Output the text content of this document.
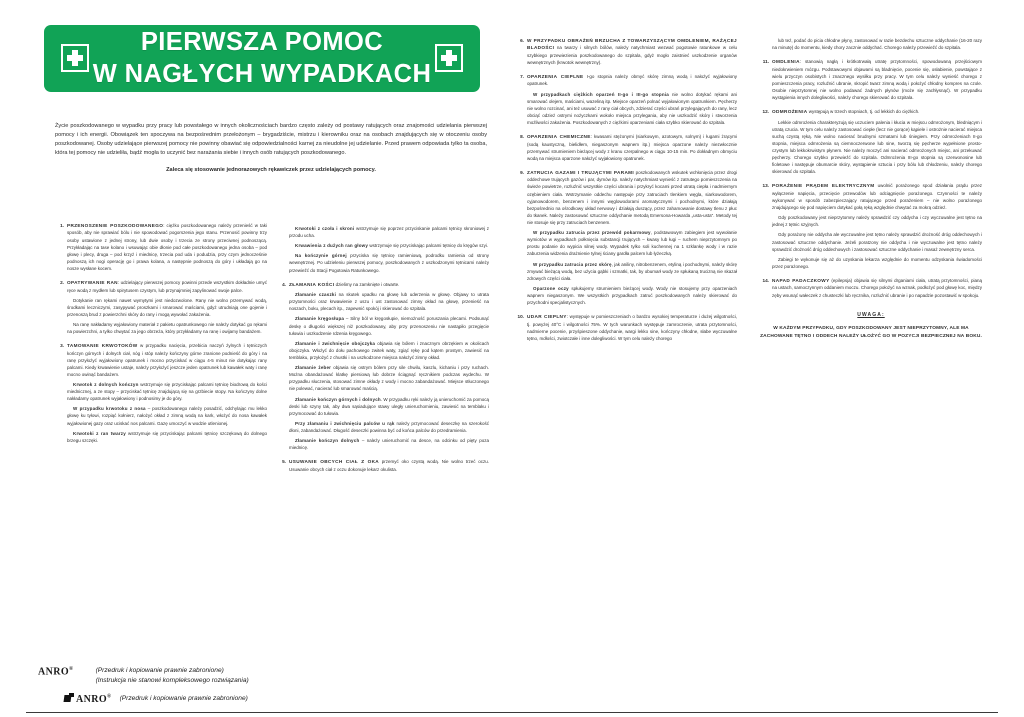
PIERWSZA POMOC
W NAGŁYCH WYPADKACH

Życie poszkodowanego w wypadku przy pracy lub powstałego w innych okolicznościach bardzo często zależy od postawy ratujących oraz znajomości udzielania pierwszej pomocy i ich energii. Obowiązek ten spoczywa na bezpośrednim przełożonym – brygadziście, mistrzu i kierowniku oraz na osobach znajdujących się w otoczeniu osoby poszkodowanej. Osoby udzielające pierwszej pomocy nie powinny obawiać się odpowiedzialności karnej za nieudolne jej udzielanie. Przed prawem odpowiada tylko ta osoba, która tej pomocy nie udzieliła, bądź mogła to uczynić bez narażania siebie i innych osób ratujących poszkodowanego.

Zaleca się stosowanie jednorazowych rękawiczek przez udzielających pomocy.

1. PRZENOSZENIE POSZKODOWANEGO: ciężko poszkodowanego należy przenieść w taki sposób, aby nie sprawiać bólu i nie spowodować pogorszenia jego stanu. Przenosić powinny trzy osoby ustawione z jednej strony, lub dwie osoby i trzecia ze strony przeciwnej podnoszącą. Przykładając na tase kolano i wsuwając obie dłonie pod całe poszkodowanego jedna osoba – pod głowę i plecy, druga – pod krzyż i miednicę, trzecia pod uda i podudzia, przy czym jednocześnie podnoszą ich nogi operację go i prawa kolana, a następnie podnoszą do góry i układają go na nosze wysłane kocem.

2. OPATRYWANIE RAN: udzielający pierwszej pomocy powinni przede wszystkim dokładnie umyć ręce wodą z mydłem lub spirytusem czystym, lub przynajmniej zapylinować swoje palce.

Dotykanie ran rękami nawet wymytymi jest niedozwolone. Rany nie wolno przemywać wodą, środkami leczniczymi, zasypywać proszkami i smarować maściami, gdyż utrudniają one gojenie i przenoszą brud z powierzchni skóry do rany i mogą wywołać zakażenia.

Na ranę nakładamy wyjałowiony materiał z pakietu opatrunkowego nie należy dotykać go rękami na powierzchni, a tylko chwytać za jego obrzeża, który przykładamy na ranę i owijamy bandażem.

3. TAMOWANIE KRWOTOKÓW w przypadku nacięcia, przebicia naczyń żylnych i tętniczych kończyn górnych i dolnych ciał, nóg i stóp należy kończyny górne zranione podnieść do góry i na ranę przyłożyć wyjałowiony opatrunek i mocno przyciskać w ciągu 4-5 minut nie dotykając rany palcami. Kiedy krwawienie ustaje, należy przyłożyć jeszcze jeden opatrunek lub kawałek waty i ranę mocno owinąć bandażem.

Krwotok z dolnych kończyn wstrzymuje się przyciskając palcami tętnicę biodrową do kości miednicznej, a ze stopy – przyciskać tętnicę znajdującą się na grzbiecie stopy. Na kończyny dolne nakładamy opatrunek wyjałowiony i podnosimy je do góry.

W przypadku krwotoku z nosa – poszkodowanego należy posadzić, odchylając mu lekko głowę ku tyłowi, rozpiąć kołnierz, nałożyć okład z zimną wodą na kark, włożyć do nosa kawałek wyjałowionej gazy oraz uciskać nos palcami. Gazę umoczyć w wodzie utlenionej.

Krwotoki z ran twarzy wstrzymuje się przyciskając palcami tętnicę szczękową do dolnego brzegu szczęki.

Krwotoki z czoła i skroni wstrzymuje się poprzez przyciskanie palcami tętnicy skroniowej z przodu ucha.

Krwawienia z dużych ran głowy wstrzymuje się przyciskając palcami tętnicę do kręgów szyi.

Na kończynie górnej przyciska się tętnicę ramieniową, podrodku ramienia od strony wewnętrznej. Po udzieleniu pierwszej pomocy, poszkodowanych z uszkodzonymi tętnicami należy przewieźć do Stacji Pogotowia Ratunkowego.

4. ZŁAMANIA KOŚCI dzielimy na zamknięte i otwarte.

Złamanie czaszki na skutek upadku na głowę lub uderzenia w głowę. Objawy to utrata przytomności oraz krwawienie z uszu i ust zastosować zimny okład na głowę, przenieść na noszach, boku, plecach itp., zapewnić spokój i skierować do szpitala.

Złamanie kręgosłupa – Silny ból w kręgosłupie, niemożność poruszania plecami. Podsunąć deskę o długości większej niż poszkodowany, aby przy przenoszeniu nie nastąpiło przegięcie tułowia i uszkodzenie rdzenia kręgowego.

Złamanie i zwichnięcie obojczyka objawia się bólem i znacznym obrzękiem w okolicach obojczyka. Włożyć do dołu pachowego zwitek waty, zgiąć rękę pod kątem prostym, zawiesić na temblaku, przyłożyć z chustki i na uszkodzone miejsca nałożyć zimny okład.

Złamanie żeber objawia się ostrym bólem przy sile chwilu, kaszlu, kichaniu i przy ruchach. Można obandażować klatkę piersiową lub dobrze ściągnąć ręcznikiem podczas wydechu. W przypadku słuczenia, stosować zimne okłady z wody i mocno zabandażować. Miejsce stłuczonego nie polewać, nacierać lub smarować maścią.

Złamanie kończyn górnych i dolnych. W przypadku ręki należy ją unieruchomić za pomocą deski lub szyny tak, aby dwa sąsiadujące stawy uległy unieruchomieniu, zawiesić na temblaku i przymocować do tułowia.

Przy złamaniu i zwichnięciu palców u rąk należy przymocować deseczkę na szerokość dłoni, zabandażować. Długość deseczki powinna być od końca palców do przedramienia.

Złamanie kończyn dolnych – należy unieruchomić na desce, na odcinku od pięty poza miednicę.

5. USUWANIE OBCYCH CIAŁ Z OKA przemyć oko czystą wodą. Nie wolno trzeć oczu. Usuwanie obcych ciał z oczu dokonuje lekarz okulista.

6. W PRZYPADKU OBRAŻEŃ BRZUCHA Z TOWARZYSZĄCYM OMDLENIEM, RAŻĄCEJ BLADOŚCI na twarzy i silnych bólów, należy natychmiast wezwać pogotowie ratunkowe w celu szybkiego przewiezienia poszkodowanego do szpitala, gdyż mogło zaistnieć uszkodzenie organów wewnętrznych (krwotok wewnętrzny).

7. OPARZENIA CIEPLNE I-go stopnia należy obmyć skórę zimną wodą i nałożyć wyjałowiony opatrunek.

W przypadkach ciężkich oparzeń II-go i III-go stopnia nie wolno dotykać rękami ani smarować olejem, maściami, wazeliną itp. Miejsce oparzeń polnać wyjałowionym opatrunkiem. Pęcherzy nie wolno rozcinać, ani też usuwać z rany ciał obcych, zdzierać części ubrań przylegających do rany, lecz obciąć odzież ostrymi nożyczkami wokoło miejsca przylegania, aby nie uszkodzić skóry i stworzenia możliwości zakażenia. Poszkodowanych z ciężkimi oparzeniami ciała szybko skierować do szpitala.

8. OPARZENIA CHEMICZNE: kwasami stężonymi (siarkowym, azotowym, solnym) i ługami żrącymi (sodą kaustyczną, bielidłem, niegaszonym wapnem itp.) miejsca oparzone należy niezwłocznie przemywać strumieniem bieżącej wody z kranu czerpalnego w ciągu 10-15 min. Po dokładnym obmyciu wodą na miejsca oparzone nałożyć wyjałowiony opatrunek.

9. ZATRUCIA GAZAMI I TRUJĄCYMI PARAMI poszkodowanych wskutek wchłonięcia przez drogi oddechowe trujących gazów i par, dymów itp. należy natychmiast wynieść z zatrutego pomieszczenia na świeże powietrze, rozluźnić wszystkie części ubrania i przykryć kocami przed utratą ciepła i nadmiernym ozębieniem ciała. Wstrzymanie oddechu następuje przy zatruciach tlenkiem węgla, siarkowodorem, cyjanowodorem, benzenem i innymi węglowodorami aromatycznymi i pochodnymi, które działają bezpośrednio na ośrodkowy układ nerwowy i działają duszący, przez zahamowanie dostawy tlenu z płuc do tkanek. Należy zastosować sztuczne oddychanie metodą Emersona-Howarda „usta-usta". Metody tej nie stosuje się przy zatruciach benzenem.

W przypadku zatrucia przez przewód pokarmowy, podstawowym zabiegiem jest wywołanie wymiotów w wypadkach połknięcia substancji trujących – kwasy lub ługi – ruchem nieprzytomnym po prostu podanie do wypicia silnej wody. Wypadek tylko soli kuchennej na 1 szklankę wody i w razie zaburzenia widzenia drażnienie tylnej ściany gardła palcem lub łyżeczką.

W przypadku zatrucia przez skórę, jak aniliny, nitrobenzenem, etyliną i pochodnymi, należy skórę zmywać bieżącą wodą, bez użycia gąbki i szmatki, tak, by obumarł wody ze spłukaną trucizną nie skazał zdrowych części ciała.

Oparzone oczy spłukujemy strumieniem bieżącej wody. Wody nie stosujemy przy oparzeniach wapnem niegaszonym. We wszystkich przypadkach zatruć poszkodowanych należy skierować do przychodni specjalistycznych.

10. UDAR CIEPLNY: występuje w pomieszczeniach o bardzo wysokiej temperaturze i dużej wilgotności, tj. powyżej 40°C i wilgotności 75%. W tych warunkach występuje zamroczenie, utrata przytomności, nadmierne pocenie, przyśpieszone oddychanie, wargi lekko sine, kończyny chłodne, słabe wyczuwalne tętno, mdłości, zwiotczałe i inne dolegliwości. W tym celu należy chorego

lub też, podać do picia chłodne płyny, zastosować w razie bezdechu sztuczne oddychanie (16-20 razy na minutę) do momentu, kiedy chory zacznie oddychać. Chorego należy przewieźć do szpitala.

11. OMDLENIA: stanowią nagłą i krótkotrwałą utratę przytomności, spowodowaną przejściowym niedokrwieniem mózgu. Podstawowymi objawami są bladnięcie, pocenie się, osłabienie, powstające z wielu przyczyn osobistych i znacznego wysiłku przy pracy. W tym celu należy wynieść chorego z pomieszczenia pracy, rozluźnić ubranie, skropić twarz zimną wodą i położyć chłodny kompres na czole. Osobie nieprzytomnej nie wolno podawać żadnych płynów (może się zachłysnąć). W przypadku wystąpienia innych dolegliwości, należy chorego skierować do szpitala.

12. ODMROŻENIA występują w trzech stopniach, tj. od lekkich do ciężkich.

Lekkie odmrożenia charakteryzują się uczuciem palenia i kłucia w miejscu odmrożonym, bledniącym i utratą czucia. W tym celu należy zastosować ciepłe (lecz nie gorące) kąpiele i ostrożnie nacierać miejsca suchą czystą ręką. Nie wolno nacierać brudnymi szmatami lub śniegiem. Przy odmrożeniach II-go stopnia, miejsca odmrożenia są ciemnoczerwone lub sine, tworzą się pęcherze wypełnione prosto-czystym lub lekkokrwistym płynem. Nie należy moczyć ani nacierać odmrożonych miejsc, ani przekuwać pęcherzy. Chorego szybko przewieźć do szpitala. Odmrożenia III-go stopnia są czerwonosine lub fioletowe i następuje obumarcie skóry, wystąpienie sztucia i przy bólu lub chłodzeniu, należy chorego skierować do szpitala.

13. PORAŻENIE PRĄDEM ELEKTRYCZNYM uwolnić porażonego spod działania prądu przez wyłączenie napięcia, przecięcie przewodów lub odciągnięcie porażonego. Czynności te należy wykonywać w sposób zabezpieczający ratującego przed porażeniem – nie wolno porażonego znajdującego się pod napięciem dotykać gołą ręką względnie chwytać za mokrą odzież.

Gdy poszkodowany jest nieprzytomny należy sprawdzić czy oddycha i czy wyczuwalne jest tętno na jednej z tętnic szyjnych.

Gdy porażony nie oddycha ale wyczuwalne jest tętno należy sprawdzić drożność dróg oddechowych i zastosować sztuczne oddychanie. Jeżeli poratzony nie oddycha i nie wyczuwalne jest tętno należy sprawdzić drożność dróg oddechowych i zastosować sztuczne oddychanie i masaż zewnętrzny serca.

Zabiegi te wykonuje się aż do uzyskania lekarza względnie do momentu odzyskania świadomości przez porażonego.

14. NAPAD PADACZKOWY (epilepsja) objawia się silnymi drganiami ciała, utratą przytomności, pianą na ustach, samoczynnym oddaniem moczu. Chorego położyć na wznak, podłożyć pod głowę koc, między zęby wsunąć wałeczek z chusteczki lub ręcznika, rozluźnić ubranie i po napadzie pozostawić w spokoju.

UWAGA:
W KAŻDYM PRZYPADKU, GDY POSZKODOWANY JEST NIEPRZYTOMNY, ALE MA ZACHOWANE TĘTNO I ODDECH NALEŻY UŁOŻYĆ GO W POZYCJI BEZPIECZNEJ NA BOKU.
ANRO®	(Przedruk i kopiowanie prawnie zabronione)
(Instrukcja nie stanowi kompleksowego rozwiązania)
ANRO® (Przedruk i kopiowanie prawnie zabronione)
